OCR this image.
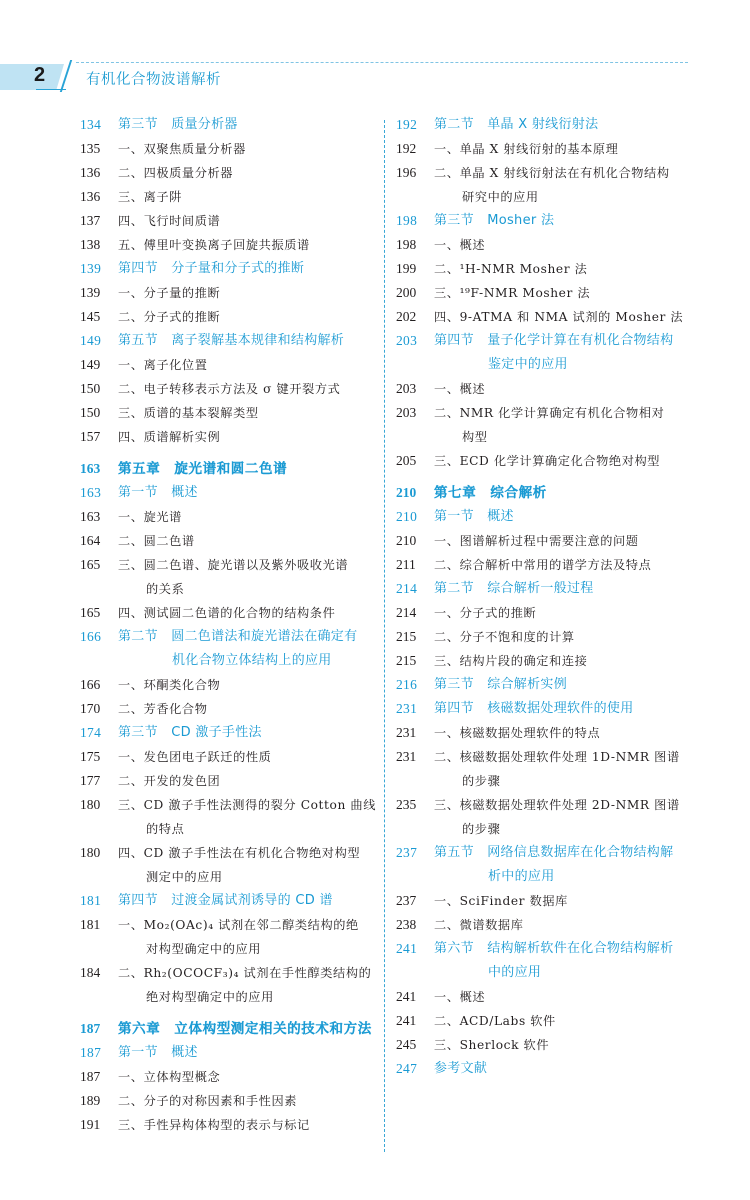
2	有机化合物波谱解析
134	第三节　质量分析器
135	一、双聚焦质量分析器
136	二、四极质量分析器
136	三、离子阱
137	四、飞行时间质谱
138	五、傅里叶变换离子回旋共振质谱
139	第四节　分子量和分子式的推断
139	一、分子量的推断
145	二、分子式的推断
149	第五节　离子裂解基本规律和结构解析
149	一、离子化位置
150	二、电子转移表示方法及 σ 键开裂方式
150	三、质谱的基本裂解类型
157	四、质谱解析实例
163	第五章　旋光谱和圆二色谱
163	第一节　概述
163	一、旋光谱
164	二、圆二色谱
165	三、圆二色谱、旋光谱以及紫外吸收光谱
的关系
165	四、测试圆二色谱的化合物的结构条件
166	第二节　圆二色谱法和旋光谱法在确定有
机化合物立体结构上的应用
166	一、环酮类化合物
170	二、芳香化合物
174	第三节　CD 激子手性法
175	一、发色团电子跃迁的性质
177	二、开发的发色团
180	三、CD 激子手性法测得的裂分 Cotton 曲线
的特点
180	四、CD 激子手性法在有机化合物绝对构型
测定中的应用
181	第四节　过渡金属试剂诱导的 CD 谱
181	一、Mo₂(OAc)₄ 试剂在邻二醇类结构的绝
对构型确定中的应用
184	二、Rh₂(OCOCF₃)₄ 试剂在手性醇类结构的
绝对构型确定中的应用
187	第六章　立体构型测定相关的技术和方法
187	第一节　概述
187	一、立体构型概念
189	二、分子的对称因素和手性因素
191	三、手性异构体构型的表示与标记
192	第二节　单晶 X 射线衍射法
192	一、单晶 X 射线衍射的基本原理
196	二、单晶 X 射线衍射法在有机化合物结构
研究中的应用
198	第三节　Mosher 法
198	一、概述
199	二、¹H-NMR Mosher 法
200	三、¹⁹F-NMR Mosher 法
202	四、9-ATMA 和 NMA 试剂的 Mosher 法
203	第四节　量子化学计算在有机化合物结构
鉴定中的应用
203	一、概述
203	二、NMR 化学计算确定有机化合物相对
构型
205	三、ECD 化学计算确定化合物绝对构型
210	第七章　综合解析
210	第一节　概述
210	一、图谱解析过程中需要注意的问题
211	二、综合解析中常用的谱学方法及特点
214	第二节　综合解析一般过程
214	一、分子式的推断
215	二、分子不饱和度的计算
215	三、结构片段的确定和连接
216	第三节　综合解析实例
231	第四节　核磁数据处理软件的使用
231	一、核磁数据处理软件的特点
231	二、核磁数据处理软件处理 1D-NMR 图谱
的步骤
235	三、核磁数据处理软件处理 2D-NMR 图谱
的步骤
237	第五节　网络信息数据库在化合物结构解
析中的应用
237	一、SciFinder 数据库
238	二、微谱数据库
241	第六节　结构解析软件在化合物结构解析
中的应用
241	一、概述
241	二、ACD/Labs 软件
245	三、Sherlock 软件
247	参考文献
